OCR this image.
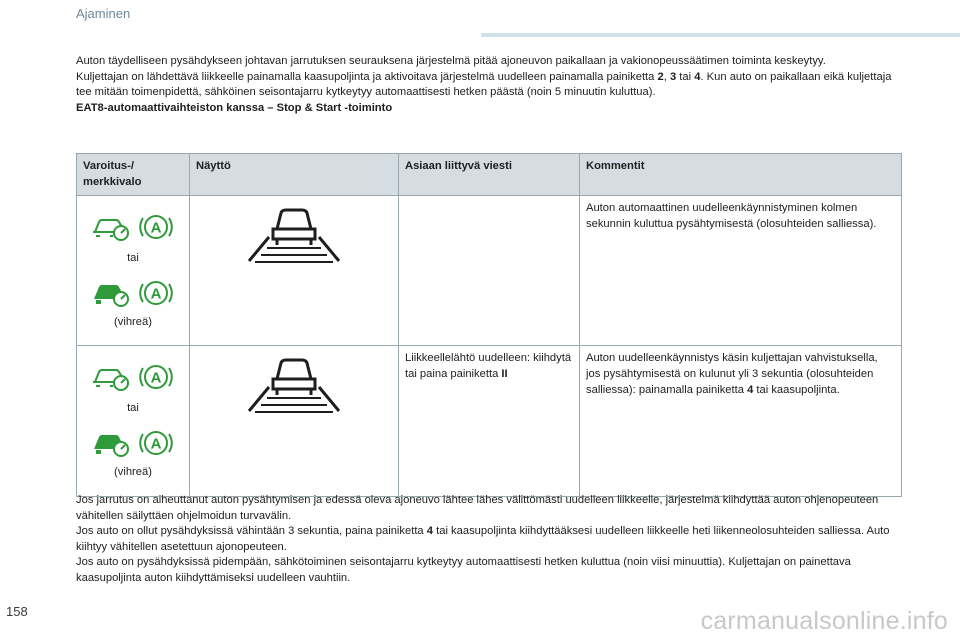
Ajaminen

Auton täydelliseen pysähdykseen johtavan jarrutuksen seurauksena järjestelmä pitää ajoneuvon paikallaan ja vakionopeussäätimen toiminta keskeytyy.

Kuljettajan on lähdettävä liikkeelle painamalla kaasupoljinta ja aktivoitava järjestelmä uudelleen painamalla painiketta 2, 3 tai 4. Kun auto on paikallaan eikä kuljettaja tee mitään toimenpidettä, sähköinen seisontajarru kytkeytyy automaattisesti hetken päästä (noin 5 minuutin kuluttua).

EAT8-automaattivaihteiston kanssa – Stop & Start -toiminto

Varoitus-/ merkkivalo	Näyttö	Asiaan liittyvä viesti	Kommentit

A
tai
A
(vihreä)			Auton automaattinen uudelleenkäynnistyminen kolmen sekunnin kuluttua pysähtymisestä (olosuhteiden salliessa).

A
tai
A
(vihreä)		Liikkeellelähtö uudelleen: kiihdytä tai paina painiketta II	Auton uudelleenkäynnistys käsin kuljettajan vahvistuksella, jos pysähtymisestä on kulunut yli 3 sekuntia (olosuhteiden salliessa): painamalla painiketta 4 tai kaasupoljinta.

Jos jarrutus on aiheuttanut auton pysähtymisen ja edessä oleva ajoneuvo lähtee lähes välittömästi uudelleen liikkeelle, järjestelmä kiihdyttää auton ohjenopeuteen vähitellen säilyttäen ohjelmoidun turvavälin.

Jos auto on ollut pysähdyksissä vähintään 3 sekuntia, paina painiketta 4 tai kaasupoljinta kiihdyttääksesi uudelleen liikkeelle heti liikenneolosuhteiden salliessa. Auto kiihtyy vähitellen asetettuun ajonopeuteen.

Jos auto on pysähdyksissä pidempään, sähkötoiminen seisontajarru kytkeytyy automaattisesti hetken kuluttua (noin viisi minuuttia). Kuljettajan on painettava kaasupoljinta auton kiihdyttämiseksi uudelleen vauhtiin.

158	carmanualsonline.info
